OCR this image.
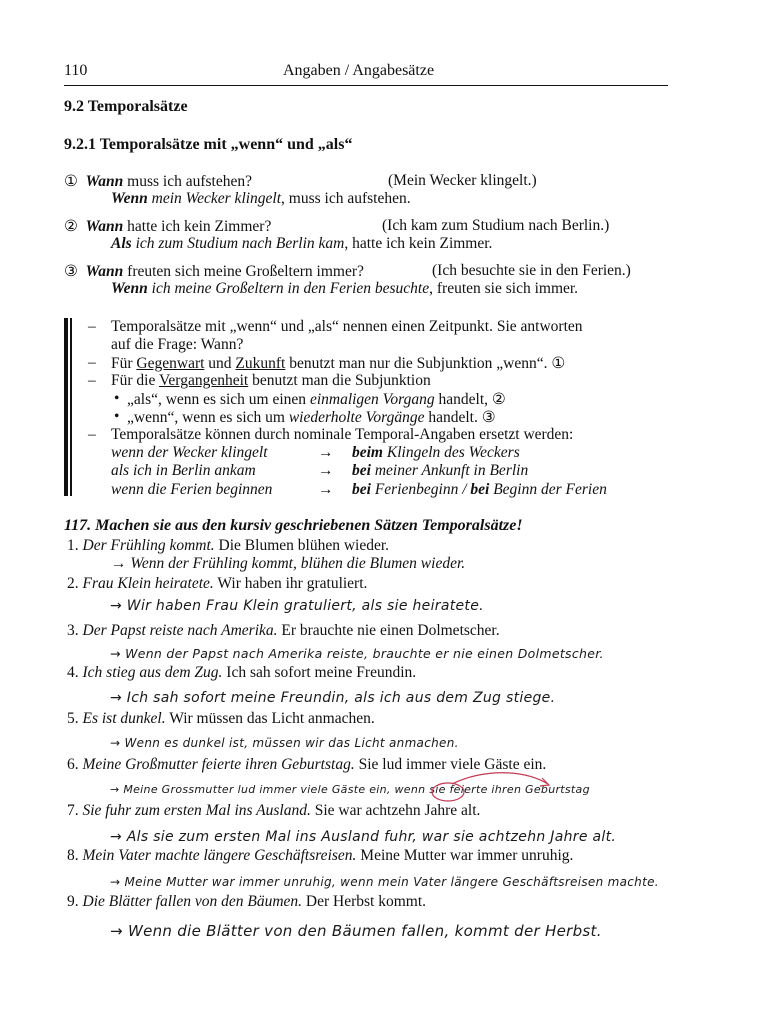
110	Angaben / Angabesätze
9.2 Temporalsätze
9.2.1 Temporalsätze mit „wenn“ und „als“
① Wann muss ich aufstehen?	(Mein Wecker klingelt.)
Wenn mein Wecker klingelt, muss ich aufstehen.
② Wann hatte ich kein Zimmer?	(Ich kam zum Studium nach Berlin.)
Als ich zum Studium nach Berlin kam, hatte ich kein Zimmer.
③ Wann freuten sich meine Großeltern immer?	(Ich besuchte sie in den Ferien.)
Wenn ich meine Großeltern in den Ferien besuchte, freuten sie sich immer.
– Temporalsätze mit „wenn“ und „als“ nennen einen Zeitpunkt. Sie antworten
auf die Frage: Wann?
– Für Gegenwart und Zukunft benutzt man nur die Subjunktion „wenn“. ①
– Für die Vergangenheit benutzt man die Subjunktion
• „als“, wenn es sich um einen einmaligen Vorgang handelt, ②
• „wenn“, wenn es sich um wiederholte Vorgänge handelt. ③
– Temporalsätze können durch nominale Temporal-Angaben ersetzt werden:
wenn der Wecker klingelt	→ beim Klingeln des Weckers
als ich in Berlin ankam	→ bei meiner Ankunft in Berlin
wenn die Ferien beginnen	→ bei Ferienbeginn / bei Beginn der Ferien
117. Machen sie aus den kursiv geschriebenen Sätzen Temporalsätze!
1. Der Frühling kommt. Die Blumen blühen wieder.
→ Wenn der Frühling kommt, blühen die Blumen wieder.
2. Frau Klein heiratete. Wir haben ihr gratuliert.
→ Wir haben Frau Klein gratuliert, als sie heiratete.
3. Der Papst reiste nach Amerika. Er brauchte nie einen Dolmetscher.
→ Wenn der Papst nach Amerika reiste, brauchte er nie einen Dolmetscher.
4. Ich stieg aus dem Zug. Ich sah sofort meine Freundin.
→ Ich sah sofort meine Freundin, als ich aus dem Zug stiege.
5. Es ist dunkel. Wir müssen das Licht anmachen.
→ Wenn es dunkel ist, müssen wir das Licht anmachen.
6. Meine Großmutter feierte ihren Geburtstag. Sie lud immer viele Gäste ein.
→ Meine Grossmutter lud immer viele Gäste ein, wenn sie feierte ihren Geburtstag
7. Sie fuhr zum ersten Mal ins Ausland. Sie war achtzehn Jahre alt.
→ Als sie zum ersten Mal ins Ausland fuhr, war sie achtzehn Jahre alt.
8. Mein Vater machte längere Geschäftsreisen. Meine Mutter war immer unruhig.
→ Meine Mutter war immer unruhig, wenn mein Vater längere Geschäftsreisen machte.
9. Die Blätter fallen von den Bäumen. Der Herbst kommt.
→ Wenn die Blätter von den Bäumen fallen, kommt der Herbst.
